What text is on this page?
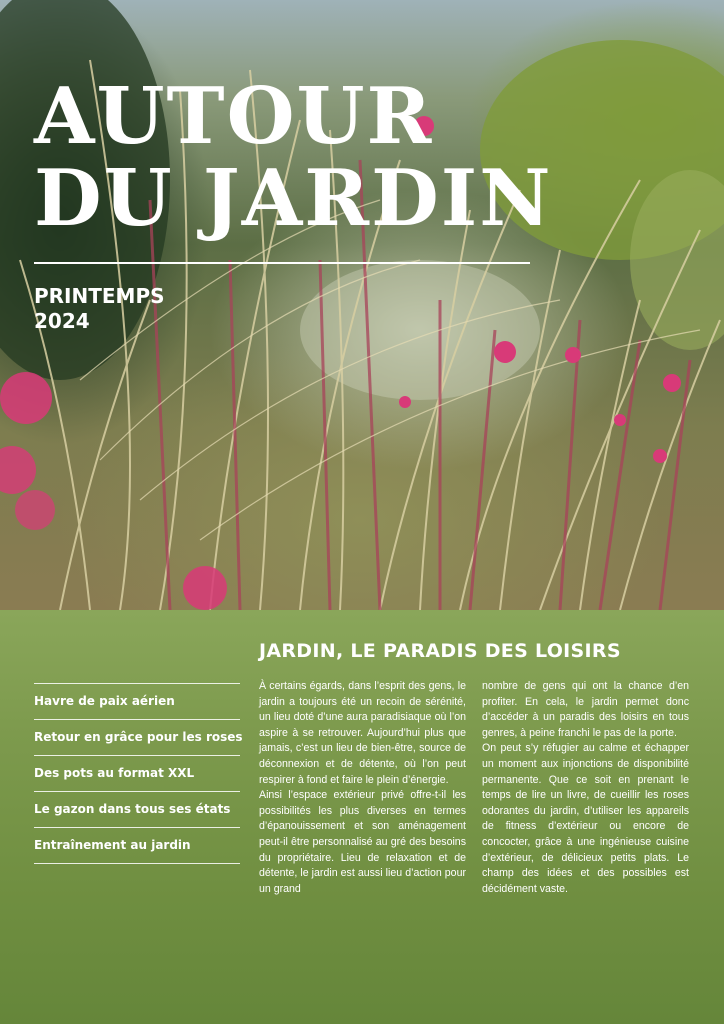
AUTOUR
DU JARDIN
PRINTEMPS
2024
Havre de paix aérien
Retour en grâce pour les roses
Des pots au format XXL
Le gazon dans tous ses états
Entraînement au jardin
JARDIN, LE PARADIS DES LOISIRS

À certains égards, dans l’esprit des gens, le jardin a toujours été un recoin de sérénité, un lieu doté d’une aura paradisiaque où l’on aspire à se retrouver. Aujourd’hui plus que jamais, c’est un lieu de bien-être, source de déconnexion et de détente, où l’on peut respirer à fond et faire le plein d’énergie.

Ainsi l’espace extérieur privé offre-t-il les possibilités les plus diverses en termes d’épanouissement et son aménagement peut-il être personnalisé au gré des besoins du propriétaire. Lieu de relaxation et de détente, le jardin est aussi lieu d’action pour un grand

nombre de gens qui ont la chance d’en profiter. En cela, le jardin permet donc d’accéder à un paradis des loisirs en tous genres, à peine franchi le pas de la porte.

On peut s’y réfugier au calme et échapper un moment aux injonctions de disponibilité permanente. Que ce soit en prenant le temps de lire un livre, de cueillir les roses odorantes du jardin, d’utiliser les appareils de fitness d’extérieur ou encore de concocter, grâce à une ingénieuse cuisine d’extérieur, de délicieux petits plats. Le champ des idées et des possibles est décidément vaste.
